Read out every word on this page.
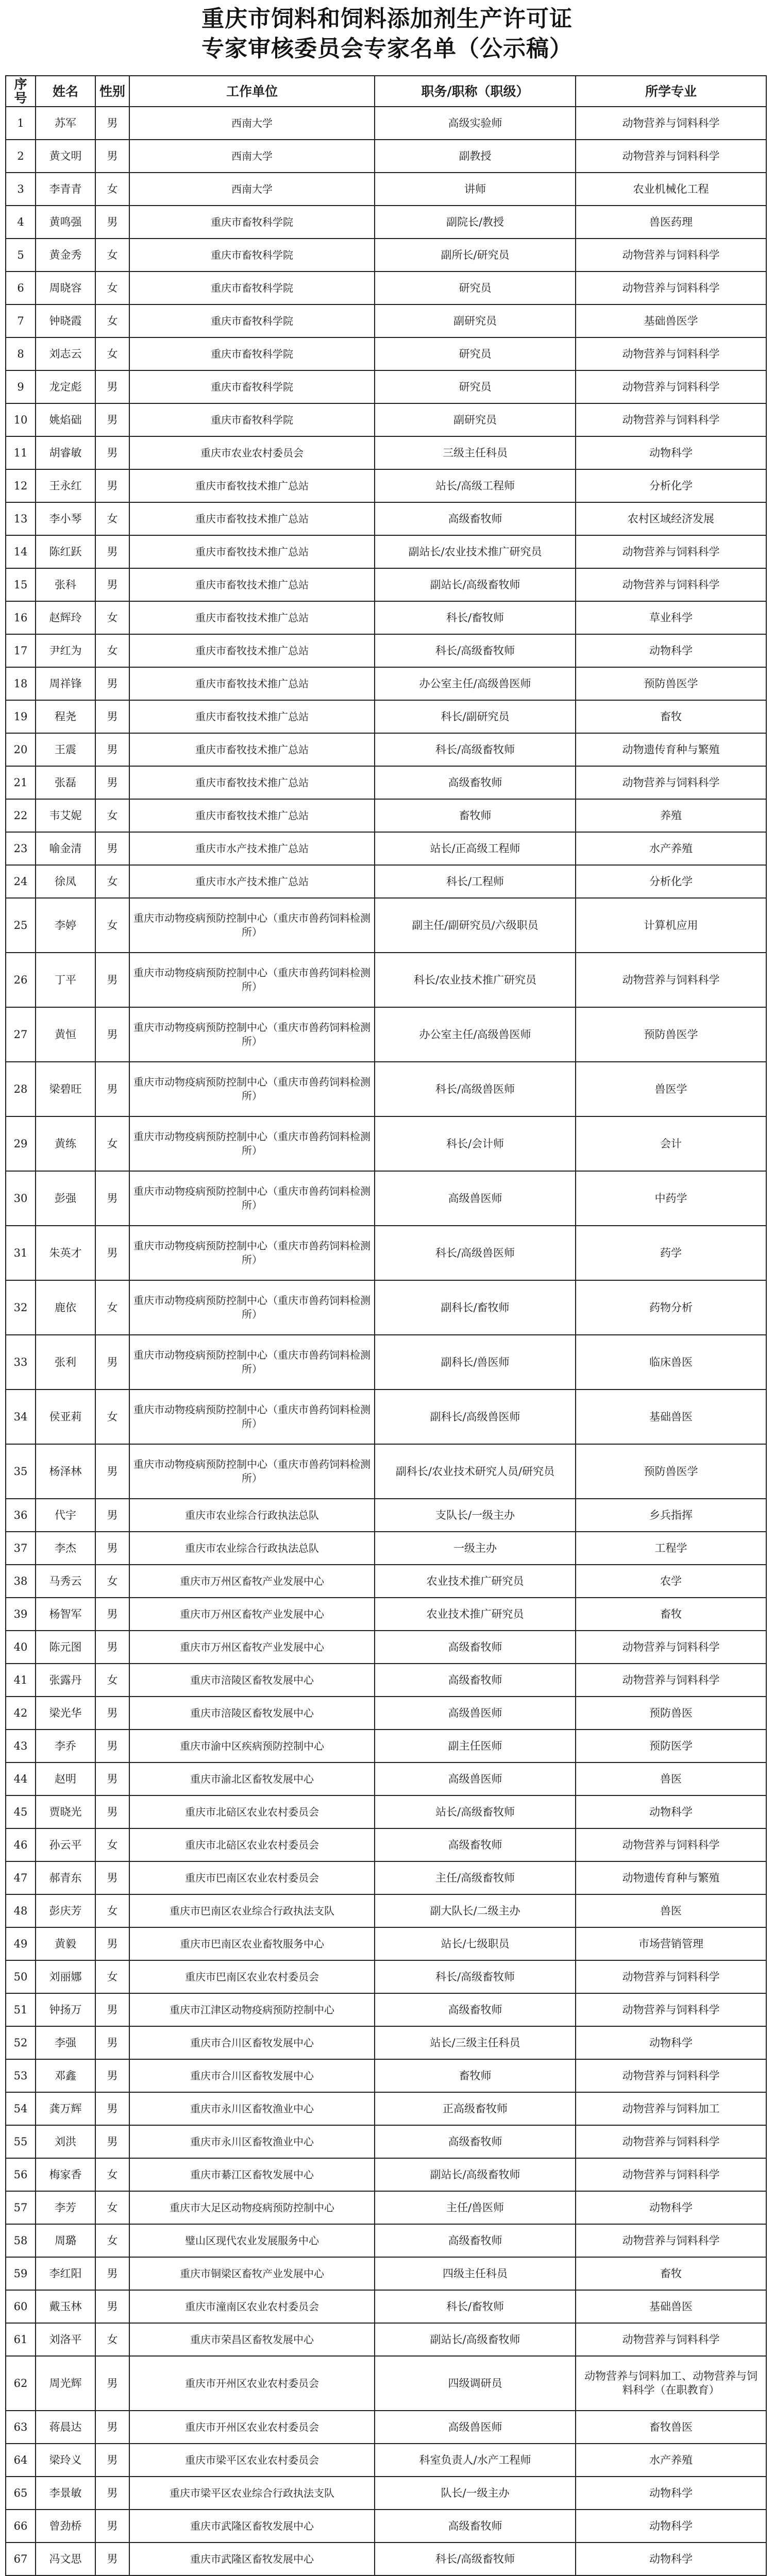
重庆市饲料和饲料添加剂生产许可证
专家审核委员会专家名单（公示稿）
序号	姓名	性别	工作单位	职务/职称（职级）	所学专业
1	苏军	男	西南大学	高级实验师	动物营养与饲料科学
2	黄文明	男	西南大学	副教授	动物营养与饲料科学
3	李青青	女	西南大学	讲师	农业机械化工程
4	黄鸣强	男	重庆市畜牧科学院	副院长/教授	兽医药理
5	黄金秀	女	重庆市畜牧科学院	副所长/研究员	动物营养与饲料科学
6	周晓容	女	重庆市畜牧科学院	研究员	动物营养与饲料科学
7	钟晓霞	女	重庆市畜牧科学院	副研究员	基础兽医学
8	刘志云	女	重庆市畜牧科学院	研究员	动物营养与饲料科学
9	龙定彪	男	重庆市畜牧科学院	研究员	动物营养与饲料科学
10	姚焰础	男	重庆市畜牧科学院	副研究员	动物营养与饲料科学
11	胡睿敏	男	重庆市农业农村委员会	三级主任科员	动物科学
12	王永红	男	重庆市畜牧技术推广总站	站长/高级工程师	分析化学
13	李小琴	女	重庆市畜牧技术推广总站	高级畜牧师	农村区域经济发展
14	陈红跃	男	重庆市畜牧技术推广总站	副站长/农业技术推广研究员	动物营养与饲料科学
15	张科	男	重庆市畜牧技术推广总站	副站长/高级畜牧师	动物营养与饲料科学
16	赵辉玲	女	重庆市畜牧技术推广总站	科长/畜牧师	草业科学
17	尹红为	女	重庆市畜牧技术推广总站	科长/高级畜牧师	动物科学
18	周祥锋	男	重庆市畜牧技术推广总站	办公室主任/高级兽医师	预防兽医学
19	程尧	男	重庆市畜牧技术推广总站	科长/副研究员	畜牧
20	王震	男	重庆市畜牧技术推广总站	科长/高级畜牧师	动物遗传育种与繁殖
21	张磊	男	重庆市畜牧技术推广总站	高级畜牧师	动物营养与饲料科学
22	韦艾妮	女	重庆市畜牧技术推广总站	畜牧师	养殖
23	喻金清	男	重庆市水产技术推广总站	站长/正高级工程师	水产养殖
24	徐凤	女	重庆市水产技术推广总站	科长/工程师	分析化学
25	李婷	女	重庆市动物疫病预防控制中心（重庆市兽药饲料检测所）	副主任/副研究员/六级职员	计算机应用
26	丁平	男	重庆市动物疫病预防控制中心（重庆市兽药饲料检测所）	科长/农业技术推广研究员	动物营养与饲料科学
27	黄恒	男	重庆市动物疫病预防控制中心（重庆市兽药饲料检测所）	办公室主任/高级兽医师	预防兽医学
28	梁碧旺	男	重庆市动物疫病预防控制中心（重庆市兽药饲料检测所）	科长/高级兽医师	兽医学
29	黄练	女	重庆市动物疫病预防控制中心（重庆市兽药饲料检测所）	科长/会计师	会计
30	彭强	男	重庆市动物疫病预防控制中心（重庆市兽药饲料检测所）	高级兽医师	中药学
31	朱英才	男	重庆市动物疫病预防控制中心（重庆市兽药饲料检测所）	科长/高级兽医师	药学
32	鹿依	女	重庆市动物疫病预防控制中心（重庆市兽药饲料检测所）	副科长/畜牧师	药物分析
33	张利	男	重庆市动物疫病预防控制中心（重庆市兽药饲料检测所）	副科长/兽医师	临床兽医
34	侯亚莉	女	重庆市动物疫病预防控制中心（重庆市兽药饲料检测所）	副科长/高级兽医师	基础兽医
35	杨泽林	男	重庆市动物疫病预防控制中心（重庆市兽药饲料检测所）	副科长/农业技术研究人员/研究员	预防兽医学
36	代宇	男	重庆市农业综合行政执法总队	支队长/一级主办	乡兵指挥
37	李杰	男	重庆市农业综合行政执法总队	一级主办	工程学
38	马秀云	女	重庆市万州区畜牧产业发展中心	农业技术推广研究员	农学
39	杨智军	男	重庆市万州区畜牧产业发展中心	农业技术推广研究员	畜牧
40	陈元图	男	重庆市万州区畜牧产业发展中心	高级畜牧师	动物营养与饲料科学
41	张露丹	女	重庆市涪陵区畜牧发展中心	高级畜牧师	动物营养与饲料科学
42	梁光华	男	重庆市涪陵区畜牧发展中心	高级兽医师	预防兽医
43	李乔	男	重庆市渝中区疾病预防控制中心	副主任医师	预防医学
44	赵明	男	重庆市渝北区畜牧发展中心	高级兽医师	兽医
45	贾晓光	男	重庆市北碚区农业农村委员会	站长/高级畜牧师	动物科学
46	孙云平	女	重庆市北碚区农业农村委员会	高级畜牧师	动物营养与饲料科学
47	郝青东	男	重庆市巴南区农业农村委员会	主任/高级畜牧师	动物遗传育种与繁殖
48	彭庆芳	女	重庆市巴南区农业综合行政执法支队	副大队长/二级主办	兽医
49	黄毅	男	重庆市巴南区农业畜牧服务中心	站长/七级职员	市场营销管理
50	刘丽娜	女	重庆市巴南区农业农村委员会	科长/高级畜牧师	动物营养与饲料科学
51	钟扬万	男	重庆市江津区动物疫病预防控制中心	高级畜牧师	动物营养与饲料科学
52	李强	男	重庆市合川区畜牧发展中心	站长/三级主任科员	动物科学
53	邓鑫	男	重庆市合川区畜牧发展中心	畜牧师	动物营养与饲料科学
54	龚万辉	男	重庆市永川区畜牧渔业中心	正高级畜牧师	动物营养与饲料加工
55	刘洪	男	重庆市永川区畜牧渔业中心	高级畜牧师	动物营养与饲料科学
56	梅家香	女	重庆市綦江区畜牧发展中心	副站长/高级畜牧师	动物营养与饲料科学
57	李芳	女	重庆市大足区动物疫病预防控制中心	主任/兽医师	动物科学
58	周璐	女	璧山区现代农业发展服务中心	高级畜牧师	动物营养与饲料科学
59	李红阳	男	重庆市铜梁区畜牧产业发展中心	四级主任科员	畜牧
60	戴玉林	男	重庆市潼南区农业农村委员会	科长/畜牧师	基础兽医
61	刘洛平	女	重庆市荣昌区畜牧发展中心	副站长/高级畜牧师	动物营养与饲料科学
62	周光辉	男	重庆市开州区农业农村委员会	四级调研员	动物营养与饲料加工、动物营养与饲料科学（在职教育）
63	蒋晨达	男	重庆市开州区农业农村委员会	高级兽医师	畜牧兽医
64	梁玲义	男	重庆市梁平区农业农村委员会	科室负责人/水产工程师	水产养殖
65	李景敏	男	重庆市梁平区农业综合行政执法支队	队长/一级主办	动物科学
66	曾劲桥	男	重庆市武隆区畜牧发展中心	高级畜牧师	动物科学
67	冯文思	男	重庆市武隆区畜牧发展中心	科长/高级畜牧师	动物科学
